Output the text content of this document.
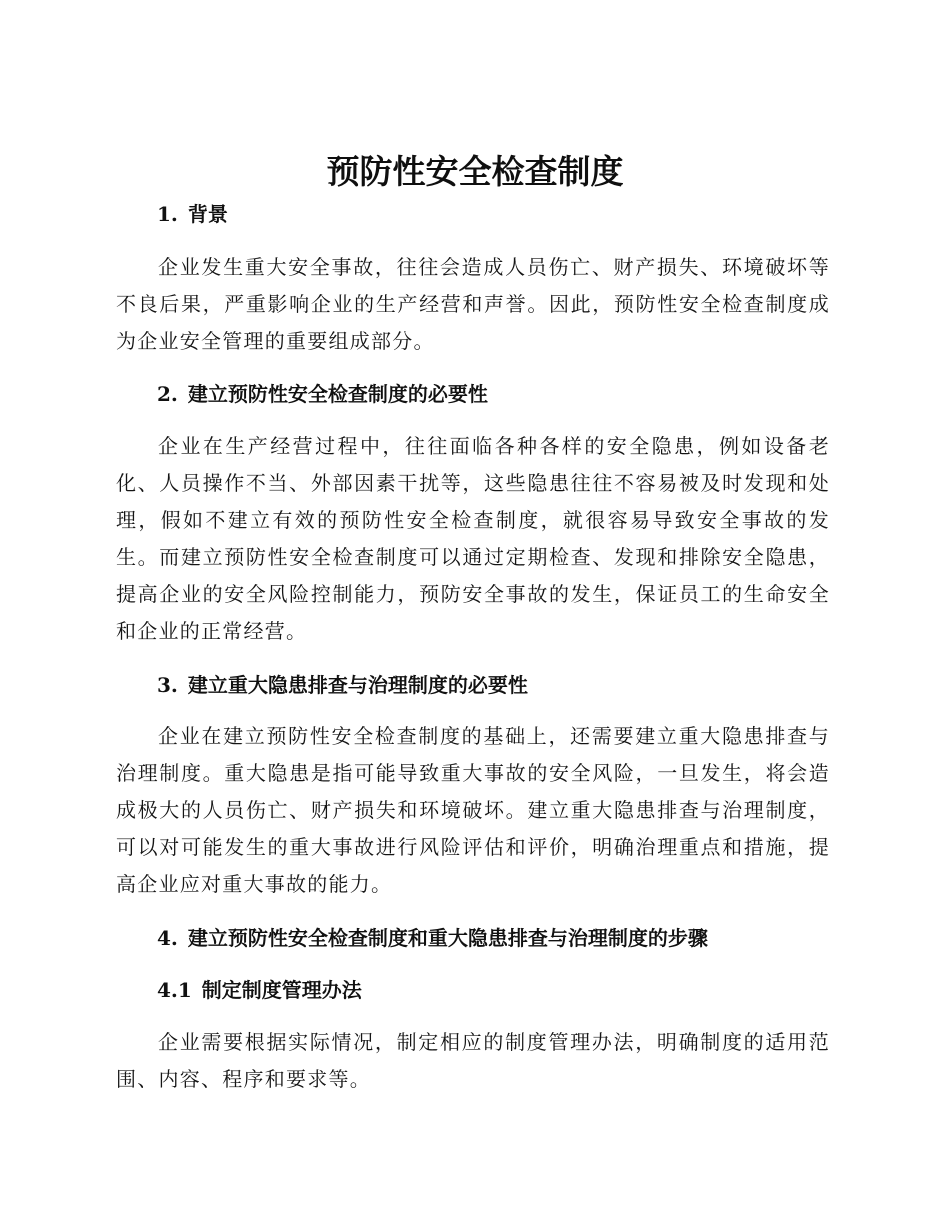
预防性安全检查制度
1. 背景
企业发生重大安全事故，往往会造成人员伤亡、财产损失、环境破坏等不良后果，严重影响企业的生产经营和声誉。因此，预防性安全检查制度成为企业安全管理的重要组成部分。
2. 建立预防性安全检查制度的必要性
企业在生产经营过程中，往往面临各种各样的安全隐患，例如设备老化、人员操作不当、外部因素干扰等，这些隐患往往不容易被及时发现和处理，假如不建立有效的预防性安全检查制度，就很容易导致安全事故的发生。而建立预防性安全检查制度可以通过定期检查、发现和排除安全隐患，提高企业的安全风险控制能力，预防安全事故的发生，保证员工的生命安全和企业的正常经营。
3. 建立重大隐患排查与治理制度的必要性
企业在建立预防性安全检查制度的基础上，还需要建立重大隐患排查与治理制度。重大隐患是指可能导致重大事故的安全风险，一旦发生，将会造成极大的人员伤亡、财产损失和环境破坏。建立重大隐患排查与治理制度，可以对可能发生的重大事故进行风险评估和评价，明确治理重点和措施，提高企业应对重大事故的能力。
4. 建立预防性安全检查制度和重大隐患排查与治理制度的步骤
4.1 制定制度管理办法
企业需要根据实际情况，制定相应的制度管理办法，明确制度的适用范围、内容、程序和要求等。
